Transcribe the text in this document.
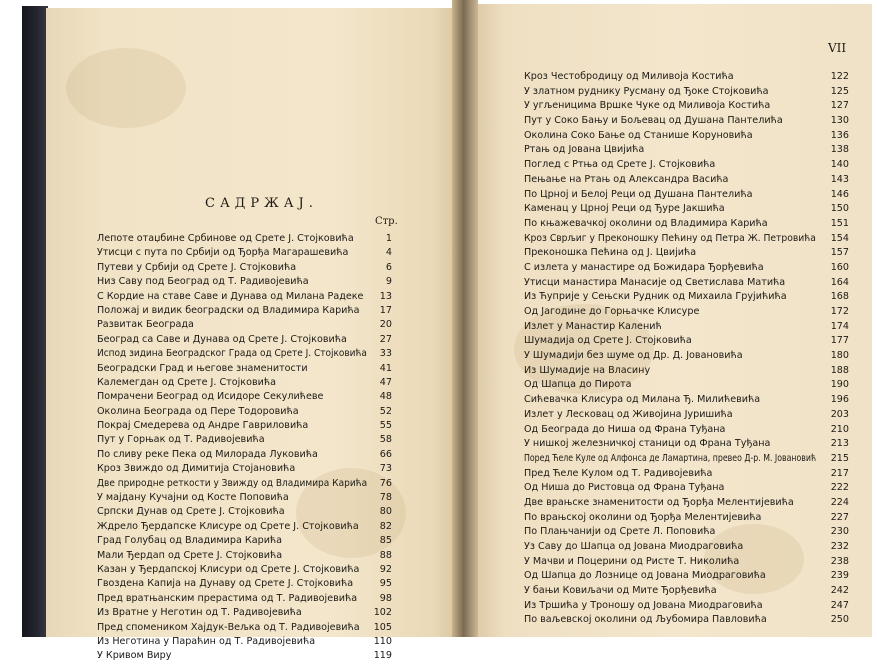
САДРЖАЈ.
Стр.
VII
Лепоте отаџбине Србинове од Срете Ј. Стојковића	1
Утисци с пута по Србији од Ђорђа Магарашевића	4
Путеви у Србији од Срете Ј. Стојковића	6
Низ Саву под Београд од Т. Радивојевића	9
С Кордие на ставе Саве и Дунава од Милана Радеке 13
Положај и видик београдски од Владимира Карића 17
Развитак Београда	20
Београд са Саве и Дунава од Срете Ј. Стојковића	27
Испод зидина Београдског Града од Срете Ј. Стојковића 33
Београдски Град и његове знаменитости	41
Калемегдан од Срете Ј. Стојковића	47
Помрачени Београд од Исидоре Секулићеве	48
Околина Београда од Пере Тодоровића	52
Покрај Смедерева од Андре Гавриловића	55
Пут у Горњак од Т. Радивојевића	58
По сливу реке Пека од Милорада Луковића	66
Кроз Звиждо од Димитија Стојановића	73
Две природне реткости у Звижду од Владимира Карића 76
У мајдану Кучајни од Косте Поповића	78
Српски Дунав од Срете Ј. Стојковића	80
Ждрело Ђердапске Клисуре од Срете Ј. Стојковића 82
Град Голубац од Владимира Карића	85
Мали Ђердап од Срете Ј. Стојковића	88
Казан у Ђердапској Клисури од Срете Ј. Стојковића 92
Гвоздена Капија на Дунаву од Срете Ј. Стојковића	95
Пред вратњанским прерастима од Т. Радивојевића 98
Из Вратне у Неготин од Т. Радивојевића	102
Пред спомеником Хајдук-Вељка од Т. Радивојевића 105
Из Неготина у Параћин од Т. Радивојевића	110
У Кривом Виру	119
Кроз Честобродицу од Миливоја Костића	122
У златном руднику Русману од Ђоке Стојковића	125
У угљеницима Вршке Чуке од Миливоја Костића	127
Пут у Соко Бању и Бољевац од Душана Пантелића	130
Околина Соко Бање од Станише Коруновића	136
Ртањ од Јована Цвијића	138
Поглед с Ртња од Срете Ј. Стојковића	140
Пењање на Ртањ од Александра Васића	143
По Црној и Белој Реци од Душана Пантелића	146
Каменац у Црној Реци од Ђуре Јакшића	150
По књажевачкој околини од Владимира Карића	151
Кроз Сврљиг у Преконошку Пећину од Петра Ж. Петровића 154
Преконошка Пећина од Ј. Цвијића	157
С излета у манастире од Божидара Ђорђевића	160
Утисци манастира Манасије од Светислава Матића	164
Из Ћуприје у Сењски Рудник од Михаила Грујићића	168
Од Јагодине до Горњачке Клисуре	172
Излет у Манастир Каленић	174
Шумадија од Срете Ј. Стојковића	177
У Шумадији без шуме од Др. Д. Јовановића	180
Из Шумадије на Власину	188
Од Шапца до Пирота	190
Сићевачка Клисура од Милана Ђ. Милићевића	196
Излет у Лесковац од Живојина Јуришића	203
Од Београда до Ниша од Франа Туђана	210
У нишкој железничкој станици од Франа Туђана	213
Поред Ћеле Куле од Алфонса де Ламартина, превео Д-р. М. Јовановић 215
Пред Ћеле Кулом од Т. Радивојевића	217
Од Ниша до Ристовца од Франа Туђана	222
Две врањске знаменитости од Ђорђа Мелентијевића	224
По врањској околини од Ђорђа Мелентијевића	227
По Плањчанији од Срете Л. Поповића	230
Уз Саву до Шапца од Јована Миодраговића	232
У Мачви и Поцерини од Ристе Т. Николића	238
Од Шапца до Лознице од Јована Миодраговића	239
У бањи Ковиљачи од Мите Ђорђевића	242
Из Тршића у Троношу од Јована Миодраговића	247
По ваљевској околини од Љубомира Павловића	250
